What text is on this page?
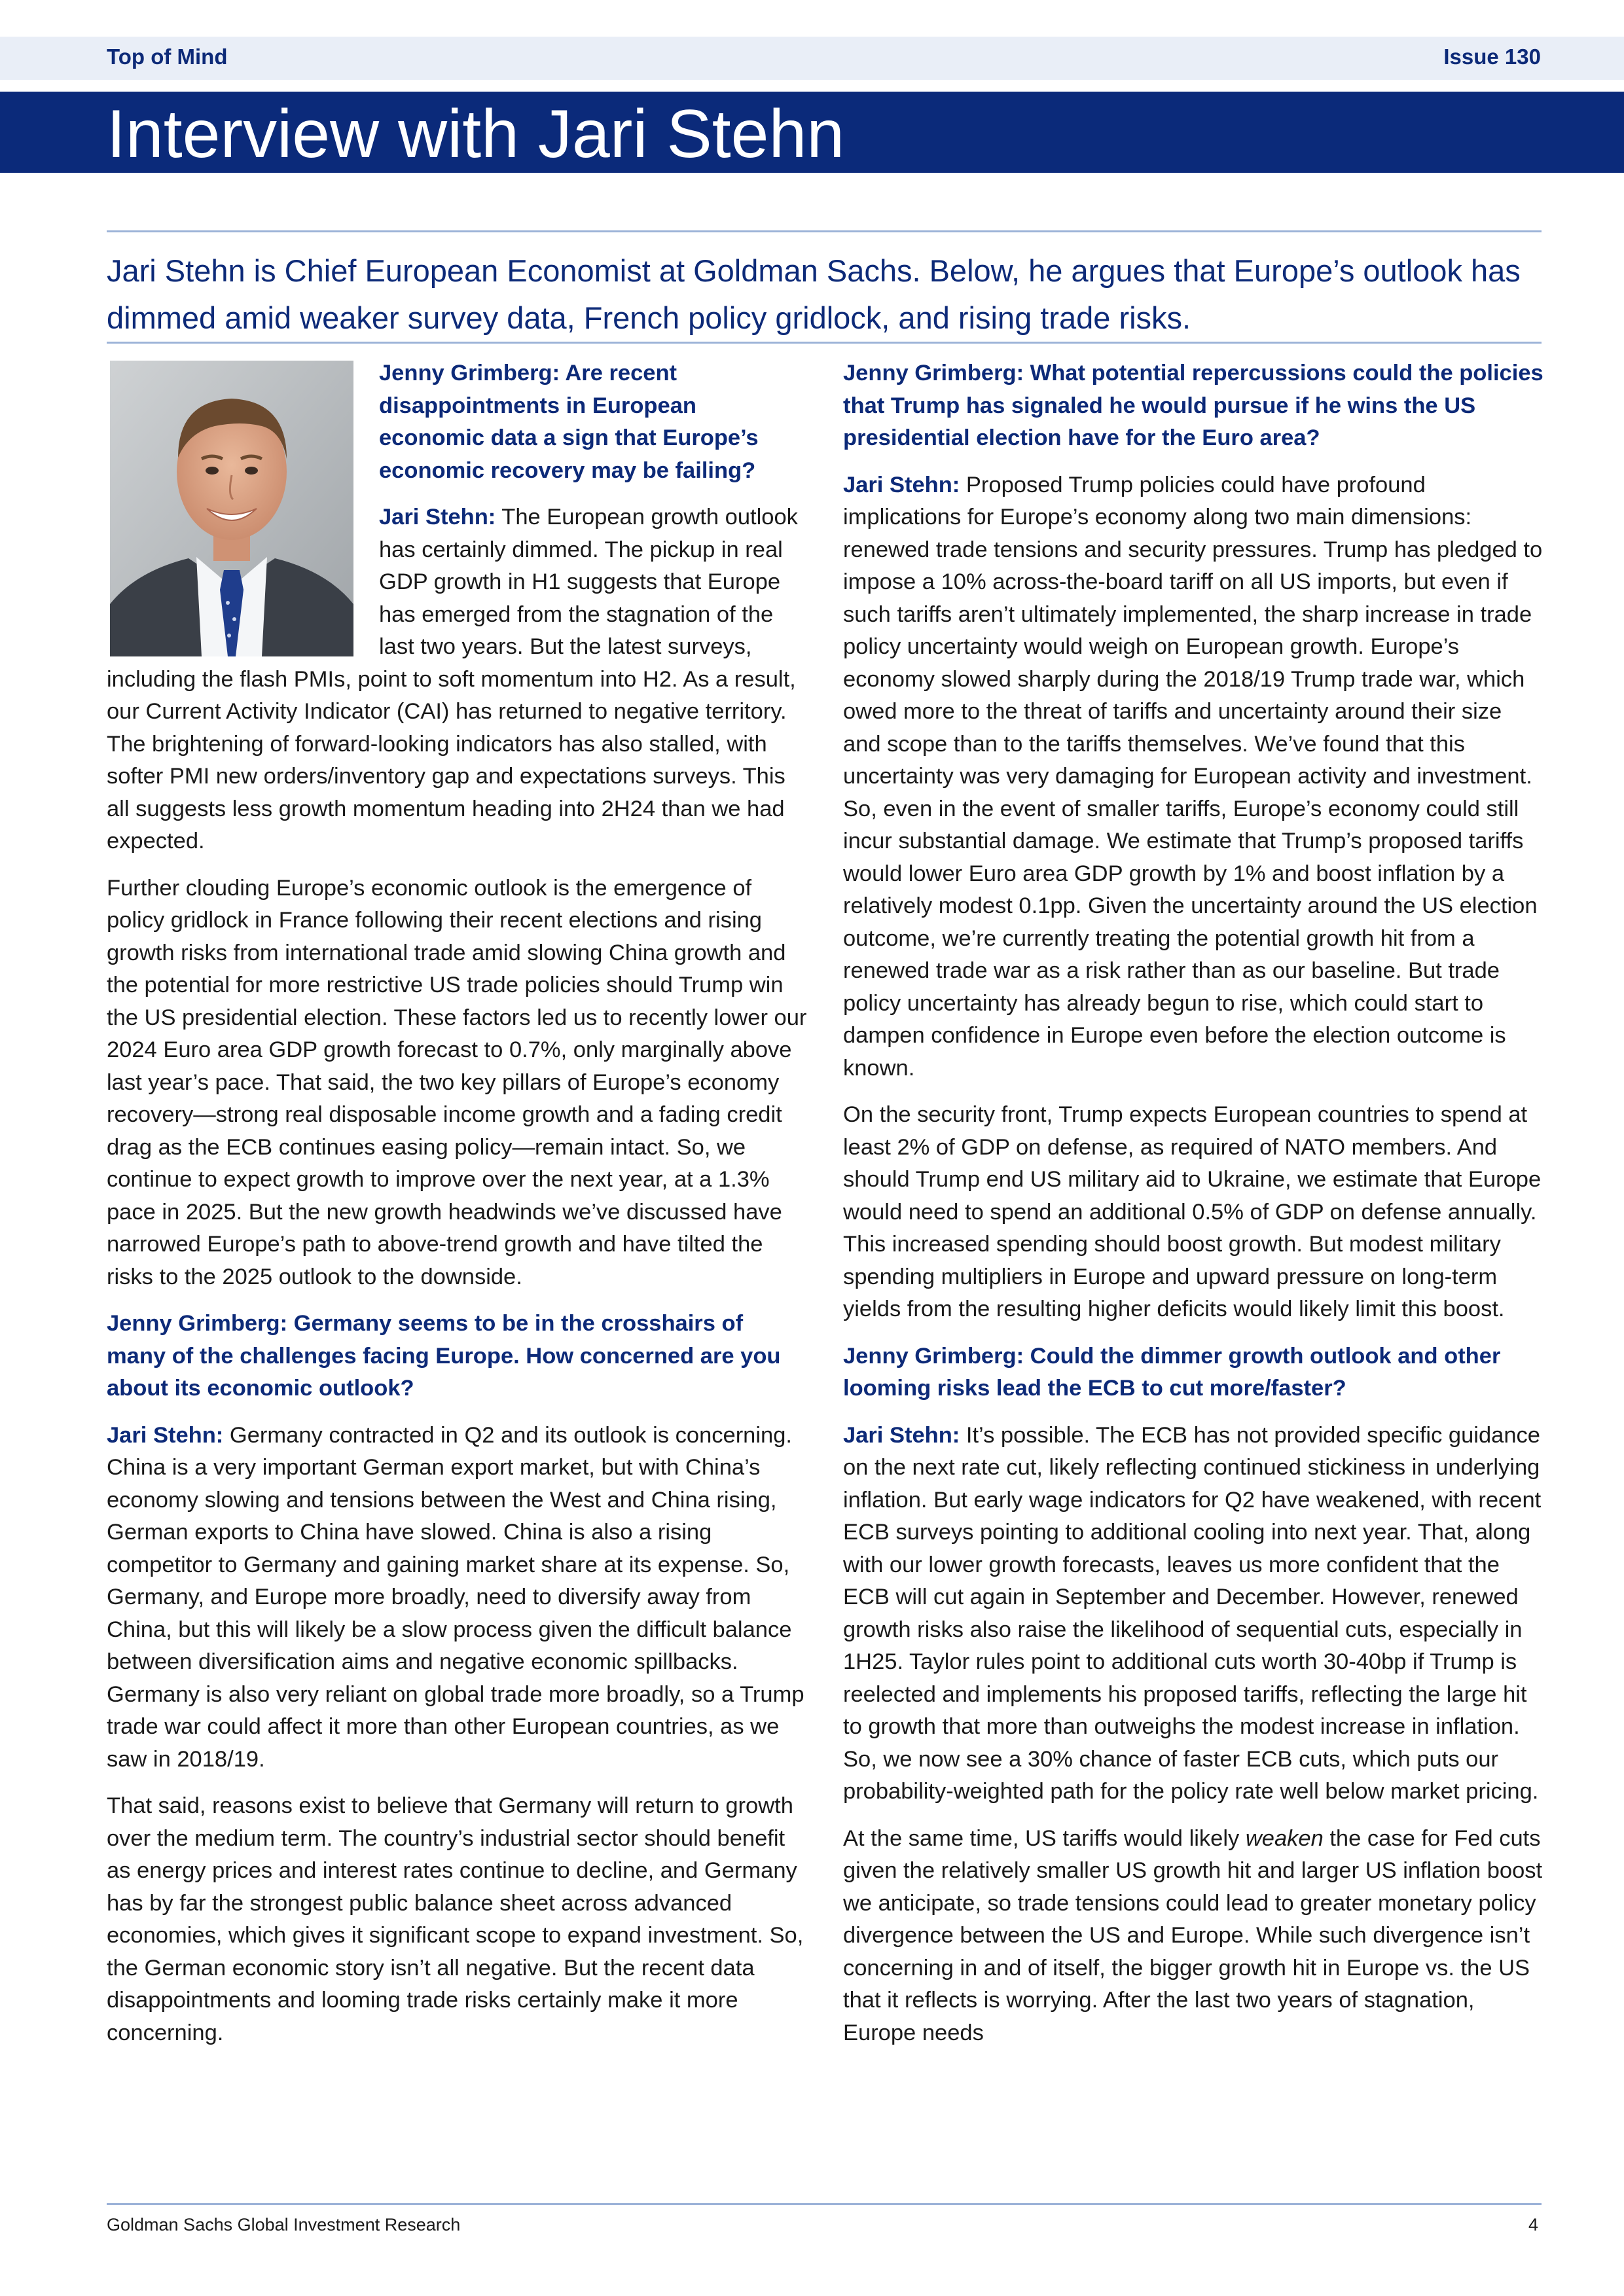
Top of Mind	Issue 130
Interview with Jari Stehn

Jari Stehn is Chief European Economist at Goldman Sachs. Below, he argues that Europe’s outlook has dimmed amid weaker survey data, French policy gridlock, and rising trade risks.

Jenny Grimberg: Are recent disappointments in European economic data a sign that Europe’s economic recovery may be failing?

Jari Stehn: The European growth outlook has certainly dimmed. The pickup in real GDP growth in H1 suggests that Europe has emerged from the stagnation of the last two years. But the latest surveys, including the flash PMIs, point to soft momentum into H2. As a result, our Current Activity Indicator (CAI) has returned to negative territory. The brightening of forward-looking indicators has also stalled, with softer PMI new orders/inventory gap and expectations surveys. This all suggests less growth momentum heading into 2H24 than we had expected.

Further clouding Europe’s economic outlook is the emergence of policy gridlock in France following their recent elections and rising growth risks from international trade amid slowing China growth and the potential for more restrictive US trade policies should Trump win the US presidential election. These factors led us to recently lower our 2024 Euro area GDP growth forecast to 0.7%, only marginally above last year’s pace. That said, the two key pillars of Europe’s economy recovery—strong real disposable income growth and a fading credit drag as the ECB continues easing policy—remain intact. So, we continue to expect growth to improve over the next year, at a 1.3% pace in 2025. But the new growth headwinds we’ve discussed have narrowed Europe’s path to above-trend growth and have tilted the risks to the 2025 outlook to the downside.

Jenny Grimberg: Germany seems to be in the crosshairs of many of the challenges facing Europe. How concerned are you about its economic outlook?

Jari Stehn: Germany contracted in Q2 and its outlook is concerning. China is a very important German export market, but with China’s economy slowing and tensions between the West and China rising, German exports to China have slowed. China is also a rising competitor to Germany and gaining market share at its expense. So, Germany, and Europe more broadly, need to diversify away from China, but this will likely be a slow process given the difficult balance between diversification aims and negative economic spillbacks. Germany is also very reliant on global trade more broadly, so a Trump trade war could affect it more than other European countries, as we saw in 2018/19.

That said, reasons exist to believe that Germany will return to growth over the medium term. The country’s industrial sector should benefit as energy prices and interest rates continue to decline, and Germany has by far the strongest public balance sheet across advanced economies, which gives it significant scope to expand investment. So, the German economic story isn’t all negative. But the recent data disappointments and looming trade risks certainly make it more concerning.

Jenny Grimberg: What potential repercussions could the policies that Trump has signaled he would pursue if he wins the US presidential election have for the Euro area?

Jari Stehn: Proposed Trump policies could have profound implications for Europe’s economy along two main dimensions: renewed trade tensions and security pressures. Trump has pledged to impose a 10% across-the-board tariff on all US imports, but even if such tariffs aren’t ultimately implemented, the sharp increase in trade policy uncertainty would weigh on European growth. Europe’s economy slowed sharply during the 2018/19 Trump trade war, which owed more to the threat of tariffs and uncertainty around their size and scope than to the tariffs themselves. We’ve found that this uncertainty was very damaging for European activity and investment. So, even in the event of smaller tariffs, Europe’s economy could still incur substantial damage. We estimate that Trump’s proposed tariffs would lower Euro area GDP growth by 1% and boost inflation by a relatively modest 0.1pp. Given the uncertainty around the US election outcome, we’re currently treating the potential growth hit from a renewed trade war as a risk rather than as our baseline. But trade policy uncertainty has already begun to rise, which could start to dampen confidence in Europe even before the election outcome is known.

On the security front, Trump expects European countries to spend at least 2% of GDP on defense, as required of NATO members. And should Trump end US military aid to Ukraine, we estimate that Europe would need to spend an additional 0.5% of GDP on defense annually. This increased spending should boost growth. But modest military spending multipliers in Europe and upward pressure on long-term yields from the resulting higher deficits would likely limit this boost.

Jenny Grimberg: Could the dimmer growth outlook and other looming risks lead the ECB to cut more/faster?

Jari Stehn: It’s possible. The ECB has not provided specific guidance on the next rate cut, likely reflecting continued stickiness in underlying inflation. But early wage indicators for Q2 have weakened, with recent ECB surveys pointing to additional cooling into next year. That, along with our lower growth forecasts, leaves us more confident that the ECB will cut again in September and December. However, renewed growth risks also raise the likelihood of sequential cuts, especially in 1H25. Taylor rules point to additional cuts worth 30-40bp if Trump is reelected and implements his proposed tariffs, reflecting the large hit to growth that more than outweighs the modest increase in inflation. So, we now see a 30% chance of faster ECB cuts, which puts our probability-weighted path for the policy rate well below market pricing.

At the same time, US tariffs would likely weaken the case for Fed cuts given the relatively smaller US growth hit and larger US inflation boost we anticipate, so trade tensions could lead to greater monetary policy divergence between the US and Europe. While such divergence isn’t concerning in and of itself, the bigger growth hit in Europe vs. the US that it reflects is worrying. After the last two years of stagnation, Europe needs

Goldman Sachs Global Investment Research	4
